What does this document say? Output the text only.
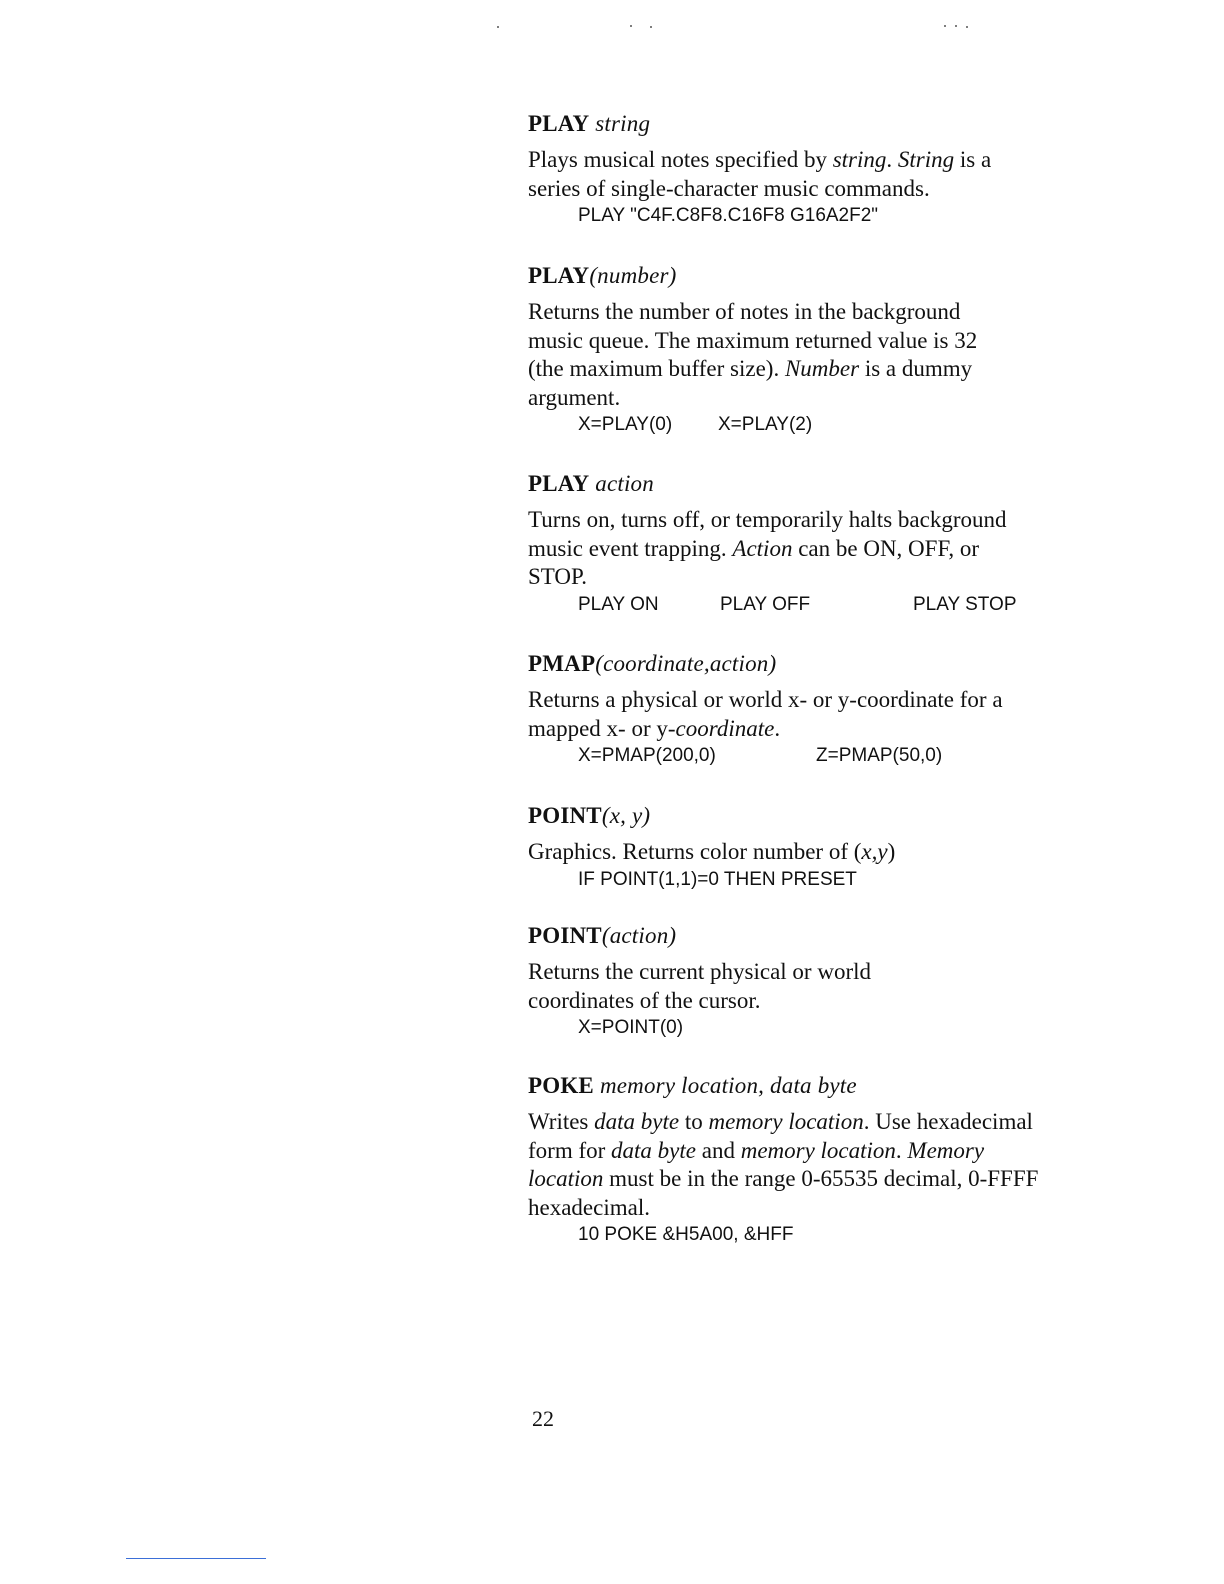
PLAY string
Plays musical notes specified by string. String is a series of single-character music commands.
PLAY "C4F.C8F8.C16F8 G16A2F2"
PLAY(number)
Returns the number of notes in the background music queue. The maximum returned value is 32 (the maximum buffer size). Number is a dummy argument.
X=PLAY(0)	X=PLAY(2)
PLAY action
Turns on, turns off, or temporarily halts background music event trapping. Action can be ON, OFF, or STOP.
PLAY ON	PLAY OFF	PLAY STOP
PMAP(coordinate,action)
Returns a physical or world x- or y-coordinate for a mapped x- or y-coordinate.
X=PMAP(200,0)	Z=PMAP(50,0)
POINT(x, y)
Graphics. Returns color number of (x,y)
IF POINT(1,1)=0 THEN PRESET
POINT(action)
Returns the current physical or world coordinates of the cursor.
X=POINT(0)
POKE memory location, data byte
Writes data byte to memory location. Use hexadecimal form for data byte and memory location. Memory location must be in the range 0-65535 decimal, 0-FFFF hexadecimal.
10 POKE &H5A00, &HFF
22
